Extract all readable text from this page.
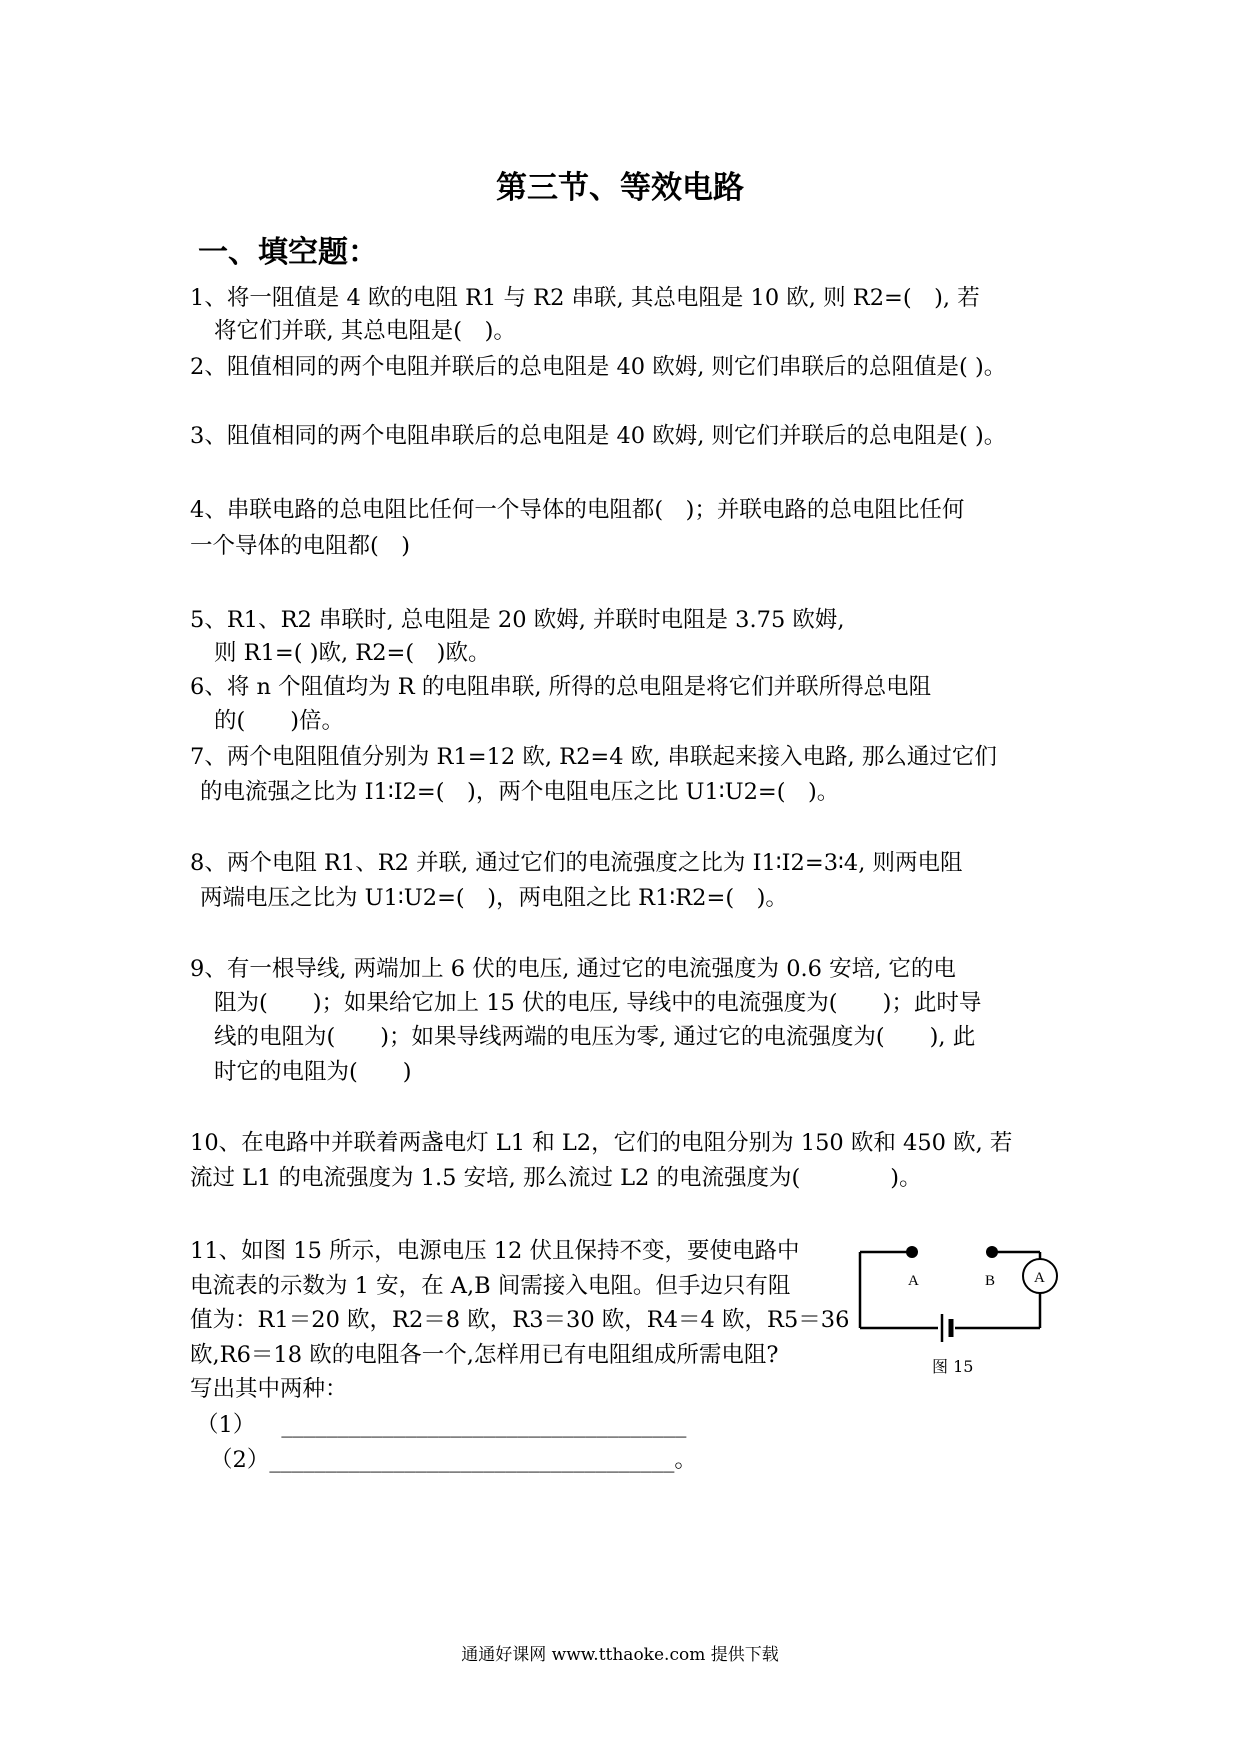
第三节、等效电路
一、填空题：
1、将一阻值是 4 欧的电阻 R1 与 R2 串联, 其总电阻是 10 欧, 则 R2=(　), 若
将它们并联, 其总电阻是(　)。
2、阻值相同的两个电阻并联后的总电阻是 40 欧姆, 则它们串联后的总阻值是( )。
3、阻值相同的两个电阻串联后的总电阻是 40 欧姆, 则它们并联后的总电阻是( )。
4、串联电路的总电阻比任何一个导体的电阻都(　)；并联电路的总电阻比任何
一个导体的电阻都(　)
5、R1、R2 串联时, 总电阻是 20 欧姆, 并联时电阻是 3.75 欧姆,
则 R1=( )欧, R2=(　)欧。
6、将 n 个阻值均为 R 的电阻串联, 所得的总电阻是将它们并联所得总电阻
的(　　)倍。
7、两个电阻阻值分别为 R1=12 欧, R2=4 欧, 串联起来接入电路, 那么通过它们
的电流强之比为 I1∶I2=(　)，两个电阻电压之比 U1∶U2=(　)。
8、两个电阻 R1、R2 并联, 通过它们的电流强度之比为 I1∶I2=3∶4, 则两电阻
两端电压之比为 U1∶U2=(　)，两电阻之比 R1∶R2=(　)。
9、有一根导线, 两端加上 6 伏的电压, 通过它的电流强度为 0.6 安培, 它的电
阻为(　　)；如果给它加上 15 伏的电压, 导线中的电流强度为(　　)；此时导
线的电阻为(　　)；如果导线两端的电压为零, 通过它的电流强度为(　　), 此
时它的电阻为(　　)
10、在电路中并联着两盏电灯 L1 和 L2，它们的电阻分别为 150 欧和 450 欧, 若
流过 L1 的电流强度为 1.5 安培, 那么流过 L2 的电流强度为(　　　　)。
11、如图 15 所示，电源电压 12 伏且保持不变，要使电路中
电流表的示数为 1 安，在 A,B 间需接入电阻。但手边只有阻
值为：R1＝20 欧，R2＝8 欧，R3＝30 欧，R4＝4 欧，R5＝36
欧,R6＝18 欧的电阻各一个,怎样用已有电阻组成所需电阻?
写出其中两种：
（1） ____________________________________
（2）____________________________________。
A	B	A
图 15
通通好课网 www.tthaoke.com 提供下载
